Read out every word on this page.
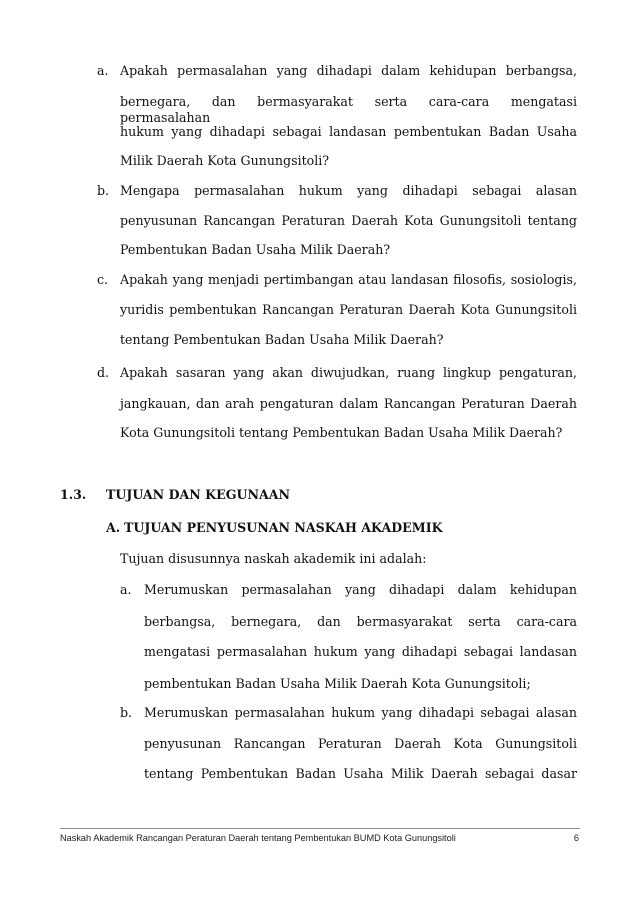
a. Apakah permasalahan yang dihadapi dalam kehidupan berbangsa,
bernegara, dan bermasyarakat serta cara-cara mengatasi permasalahan
hukum yang dihadapi sebagai landasan pembentukan Badan Usaha
Milik Daerah Kota Gunungsitoli?
b. Mengapa permasalahan hukum yang dihadapi sebagai alasan
penyusunan Rancangan Peraturan Daerah Kota Gunungsitoli tentang
Pembentukan Badan Usaha Milik Daerah?
c. Apakah yang menjadi pertimbangan atau landasan filosofis, sosiologis,
yuridis pembentukan Rancangan Peraturan Daerah Kota Gunungsitoli
tentang Pembentukan Badan Usaha Milik Daerah?
d. Apakah sasaran yang akan diwujudkan, ruang lingkup pengaturan,
jangkauan, dan arah pengaturan dalam Rancangan Peraturan Daerah
Kota Gunungsitoli tentang Pembentukan Badan Usaha Milik Daerah?
1.3. TUJUAN DAN KEGUNAAN
A. TUJUAN PENYUSUNAN NASKAH AKADEMIK
Tujuan disusunnya naskah akademik ini adalah:
a. Merumuskan permasalahan yang dihadapi dalam kehidupan
berbangsa, bernegara, dan bermasyarakat serta cara-cara
mengatasi permasalahan hukum yang dihadapi sebagai landasan
pembentukan Badan Usaha Milik Daerah Kota Gunungsitoli;
b. Merumuskan permasalahan hukum yang dihadapi sebagai alasan
penyusunan Rancangan Peraturan Daerah Kota Gunungsitoli
tentang Pembentukan Badan Usaha Milik Daerah sebagai dasar
Naskah Akademik Rancangan Peraturan Daerah tentang Pembentukan BUMD Kota Gunungsitoli	6
